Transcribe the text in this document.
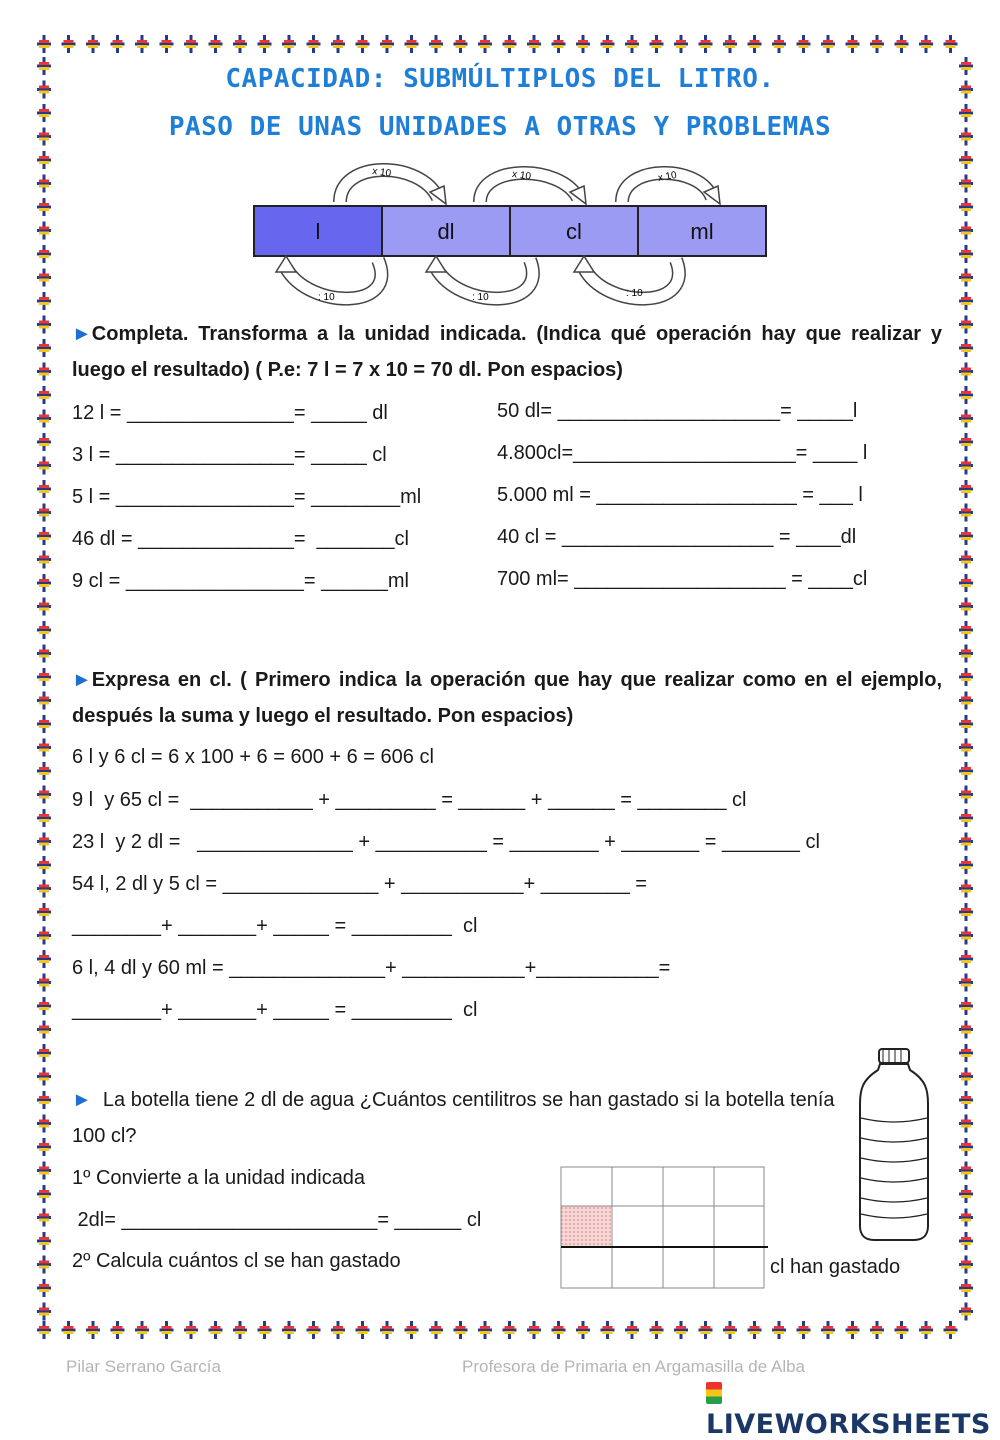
CAPACIDAD: SUBMÚLTIPLOS DEL LITRO.
PASO DE UNAS UNIDADES A OTRAS Y PROBLEMAS
x 10	x 10	x 10
l	dl	cl	ml
: 10	: 10	: 10
►Completa. Transforma a la unidad indicada. (Indica qué operación hay que realizar y luego el resultado) ( P.e: 7 l = 7 x 10 = 70 dl. Pon espacios)
12 l = _______________= _____ dl
3 l = ________________= _____ cl
5 l = ________________= ________ml
46 dl = ______________=  _______cl
9 cl = ________________= ______ml
50 dl= ____________________= _____l
4.800cl=____________________= ____ l
5.000 ml = __________________ = ___ l
40 cl = ___________________ = ____dl
700 ml= ___________________ = ____cl
►Expresa en cl. ( Primero indica la operación que hay que realizar como en el ejemplo, después la suma y luego el resultado. Pon espacios)
6 l y 6 cl = 6 x 100 + 6 = 600 + 6 = 606 cl
9 l  y 65 cl =  ___________ + _________ = ______ + ______ = ________ cl
23 l  y 2 dl =   ______________ + __________ = ________ + _______ = _______ cl
54 l, 2 dl y 5 cl = ______________ + ___________+ ________ =
________+ _______+ _____ = _________  cl
6 l, 4 dl y 60 ml = ______________+ ___________+___________=
________+ _______+ _____ = _________  cl
► La botella tiene 2 dl de agua ¿Cuántos centilitros se han gastado si la botella tenía 100 cl?
1º Convierte a la unidad indicada
2dl= _______________________= ______ cl
2º Calcula cuántos cl se han gastado	cl han gastado
Pilar Serrano García	Profesora de Primaria en Argamasilla de Alba
LIVEWORKSHEETS
